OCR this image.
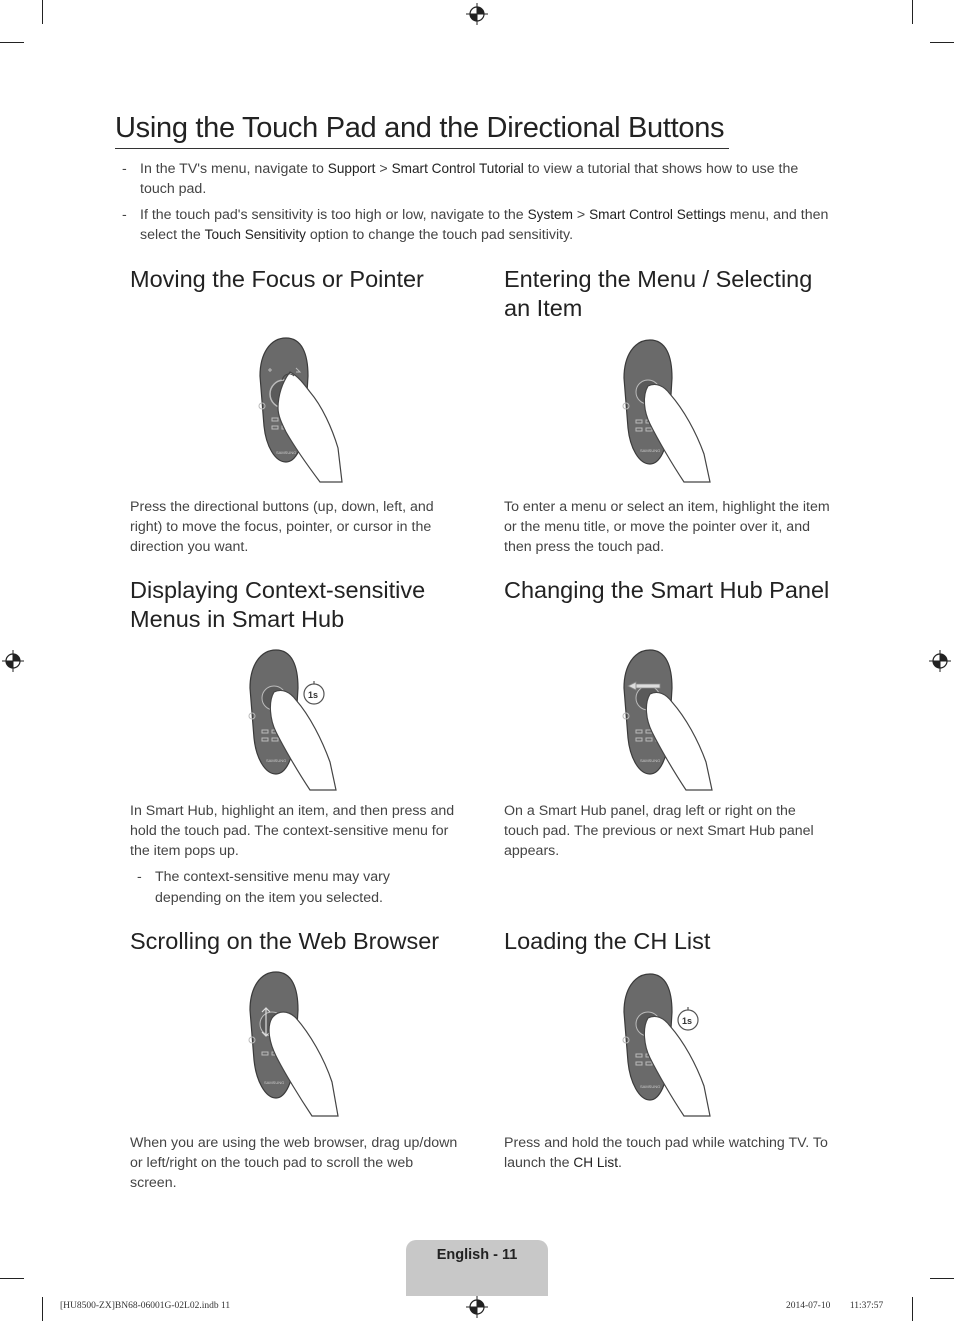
Using the Touch Pad and the Directional Buttons
- In the TV's menu, navigate to Support > Smart Control Tutorial to view a tutorial that shows how to use the touch pad.
- If the touch pad's sensitivity is too high or low, navigate to the System > Smart Control Settings menu, and then select the Touch Sensitivity option to change the touch pad sensitivity.
Moving the Focus or Pointer
SAMSUNG

Press the directional buttons (up, down, left, and right) to move the focus, pointer, or cursor in the direction you want.

Entering the Menu / Selecting an Item
SAMSUNG

To enter a menu or select an item, highlight the item or the menu title, or move the pointer over it, and then press the touch pad.

Displaying Context-sensitive Menus in Smart Hub
SAMSUNG
1s

In Smart Hub, highlight an item, and then press and hold the touch pad. The context-sensitive menu for the item pops up.

- The context-sensitive menu may vary depending on the item you selected.
Changing the Smart Hub Panel
SAMSUNG

On a Smart Hub panel, drag left or right on the touch pad. The previous or next Smart Hub panel appears.

Scrolling on the Web Browser
SAMSUNG

When you are using the web browser, drag up/down or left/right on the touch pad to scroll the web screen.

Loading the CH List
SAMSUNG
1s

Press and hold the touch pad while watching TV. To launch the CH List.

English - 11
[HU8500-ZX]BN68-06001G-02L02.indb 11	2014-07-10 ￿￿ 11:37:57
